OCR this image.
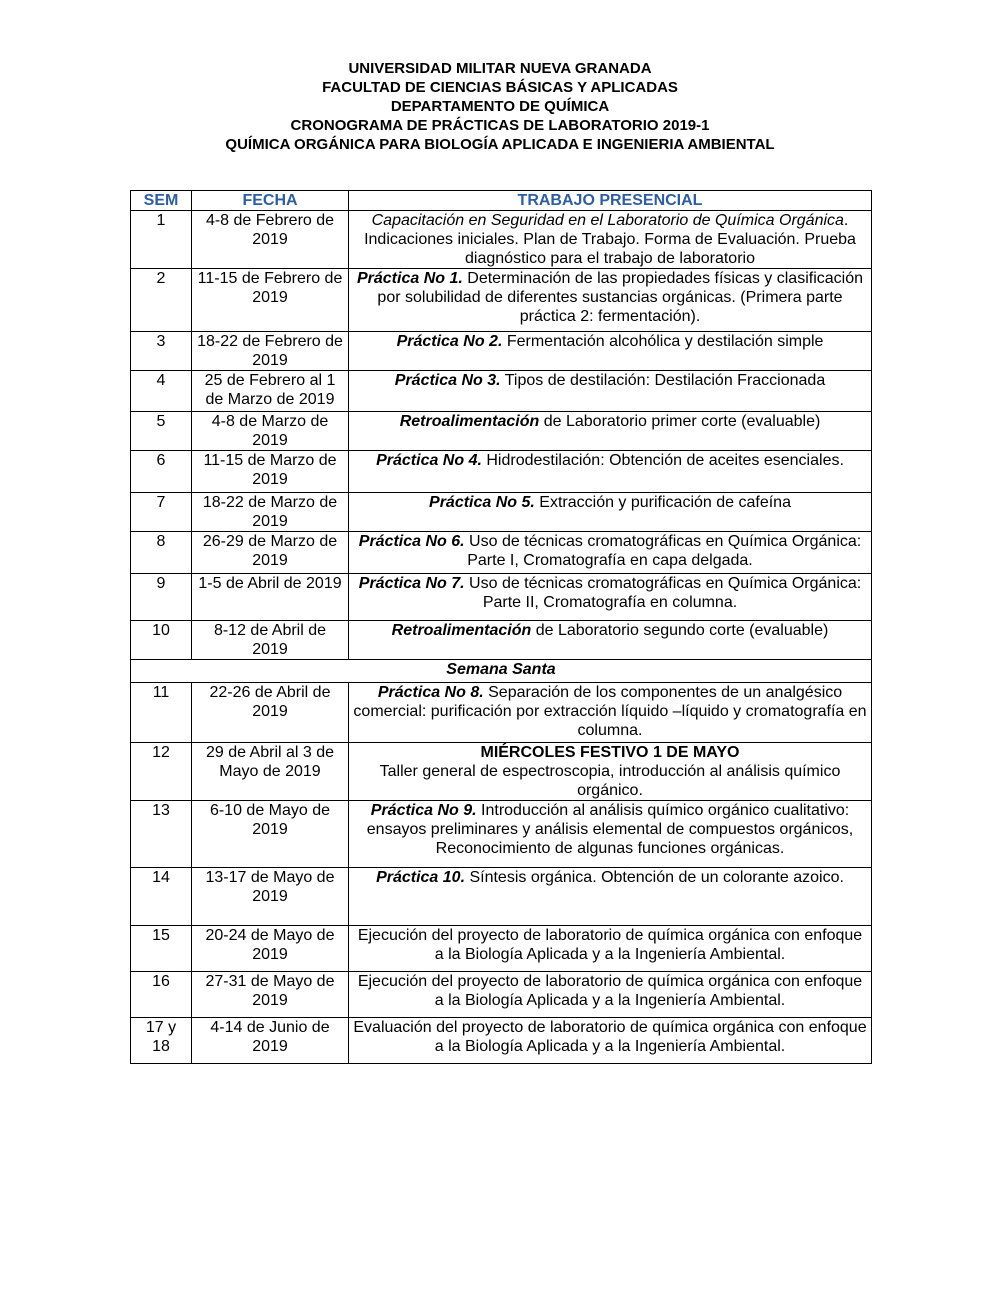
UNIVERSIDAD MILITAR NUEVA GRANADA
FACULTAD DE CIENCIAS BÁSICAS Y APLICADAS
DEPARTAMENTO DE QUÍMICA
CRONOGRAMA DE PRÁCTICAS DE LABORATORIO 2019-1
QUÍMICA ORGÁNICA PARA BIOLOGÍA APLICADA E INGENIERIA AMBIENTAL
SEM	FECHA	TRABAJO PRESENCIAL
1	4-8 de Febrero de 2019	Capacitación en Seguridad en el Laboratorio de Química Orgánica. Indicaciones iniciales. Plan de Trabajo. Forma de Evaluación. Prueba diagnóstico para el trabajo de laboratorio
2	11-15 de Febrero de 2019	Práctica No 1. Determinación de las propiedades físicas y clasificación por solubilidad de diferentes sustancias orgánicas. (Primera parte práctica 2: fermentación).
3	18-22 de Febrero de 2019	Práctica No 2. Fermentación alcohólica y destilación simple
4	25 de Febrero al 1 de Marzo de 2019	Práctica No 3. Tipos de destilación: Destilación Fraccionada
5	4-8 de Marzo de 2019	Retroalimentación de Laboratorio primer corte (evaluable)
6	11-15 de Marzo de 2019	Práctica No 4. Hidrodestilación: Obtención de aceites esenciales.
7	18-22 de Marzo de 2019	Práctica No 5. Extracción y purificación de cafeína
8	26-29 de Marzo de 2019	Práctica No 6. Uso de técnicas cromatográficas en Química Orgánica: Parte I, Cromatografía en capa delgada.
9	1-5 de Abril de 2019	Práctica No 7. Uso de técnicas cromatográficas en Química Orgánica: Parte II, Cromatografía en columna.
10	8-12 de Abril de 2019	Retroalimentación de Laboratorio segundo corte (evaluable)
Semana Santa		
11	22-26 de Abril de 2019	Práctica No 8. Separación de los componentes de un analgésico comercial: purificación por extracción líquido –líquido y cromatografía en columna.
12	29 de Abril al 3 de Mayo de 2019	MIÉRCOLES FESTIVO 1 DE MAYO
Taller general de espectroscopia, introducción al análisis químico orgánico.
13	6-10 de Mayo de 2019	Práctica No 9. Introducción al análisis químico orgánico cualitativo: ensayos preliminares y análisis elemental de compuestos orgánicos, Reconocimiento de algunas funciones orgánicas.
14	13-17 de Mayo de 2019	Práctica 10. Síntesis orgánica. Obtención de un colorante azoico.
15	20-24 de Mayo de 2019	Ejecución del proyecto de laboratorio de química orgánica con enfoque a la Biología Aplicada y a la Ingeniería Ambiental.
16	27-31 de Mayo de 2019	Ejecución del proyecto de laboratorio de química orgánica con enfoque a la Biología Aplicada y a la Ingeniería Ambiental.
17 y 18	4-14 de Junio de 2019	Evaluación del proyecto de laboratorio de química orgánica con enfoque a la Biología Aplicada y a la Ingeniería Ambiental.
